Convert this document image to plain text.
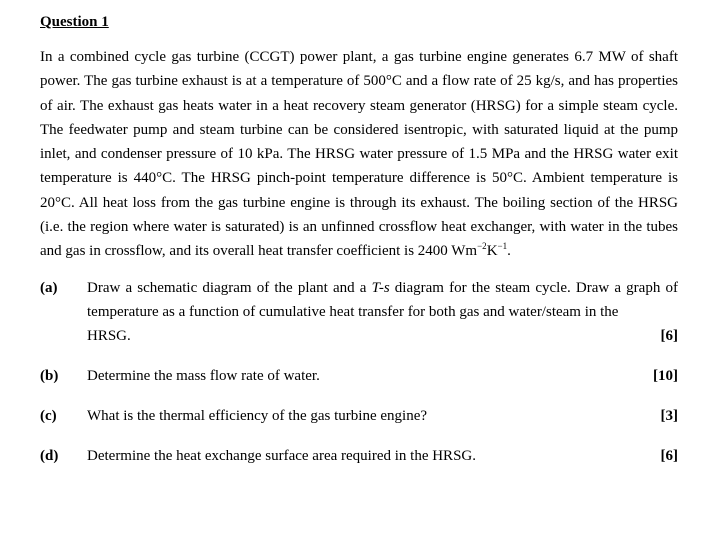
Question 1

In a combined cycle gas turbine (CCGT) power plant, a gas turbine engine generates 6.7 MW of shaft power. The gas turbine exhaust is at a temperature of 500°C and a flow rate of 25 kg/s, and has properties of air. The exhaust gas heats water in a heat recovery steam generator (HRSG) for a simple steam cycle. The feedwater pump and steam turbine can be considered isentropic, with saturated liquid at the pump inlet, and condenser pressure of 10 kPa. The HRSG water pressure of 1.5 MPa and the HRSG water exit temperature is 440°C. The HRSG pinch-point temperature difference is 50°C. Ambient temperature is 20°C. All heat loss from the gas turbine engine is through its exhaust. The boiling section of the HRSG (i.e. the region where water is saturated) is an unfinned crossflow heat exchanger, with water in the tubes and gas in crossflow, and its overall heat transfer coefficient is 2400 $Wm^{-2}K^{-1}$.

(a)	Draw a schematic diagram of the plant and a T-s diagram for the steam cycle. Draw a graph of temperature as a function of cumulative heat transfer for both gas and water/steam in the
HRSG.	[6]
(b)	Determine the mass flow rate of water.	[10]
(c)	What is the thermal efficiency of the gas turbine engine?	[3]
(d)	Determine the heat exchange surface area required in the HRSG.	[6]
